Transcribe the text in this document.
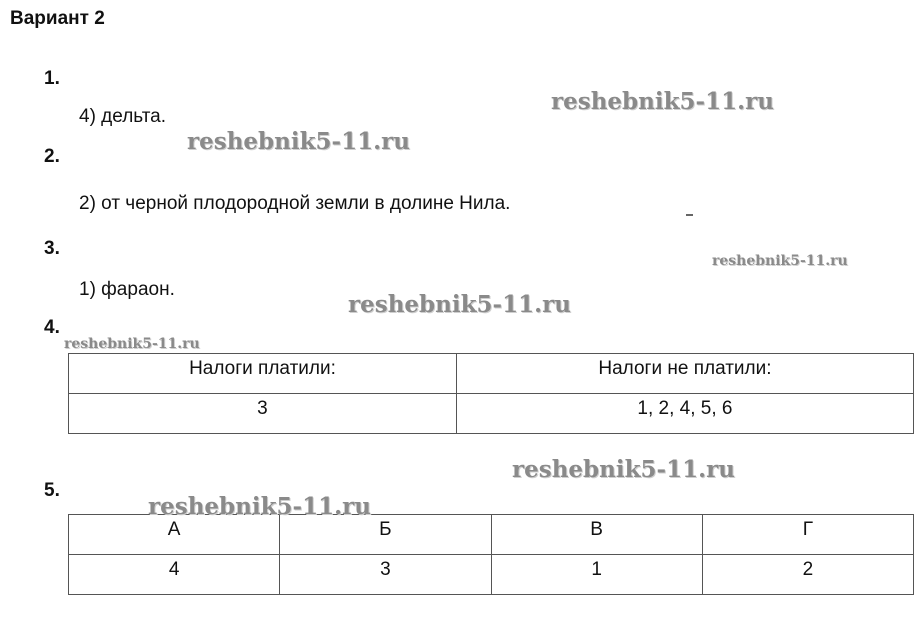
Вариант 2
1.
4) дельта.
2.
2) от черной плодородной земли в долине Нила.
3.
1) фараон.
4.
Налоги платили:	Налоги не платили:
3	1, 2, 4, 5, 6
5.
А	Б	В	Г
4	3	1	2
reshebnik5-11.ru
reshebnik5-11.ru
reshebnik5-11.ru
reshebnik5-11.ru
reshebnik5-11.ru
reshebnik5-11.ru
reshebnik5-11.ru
